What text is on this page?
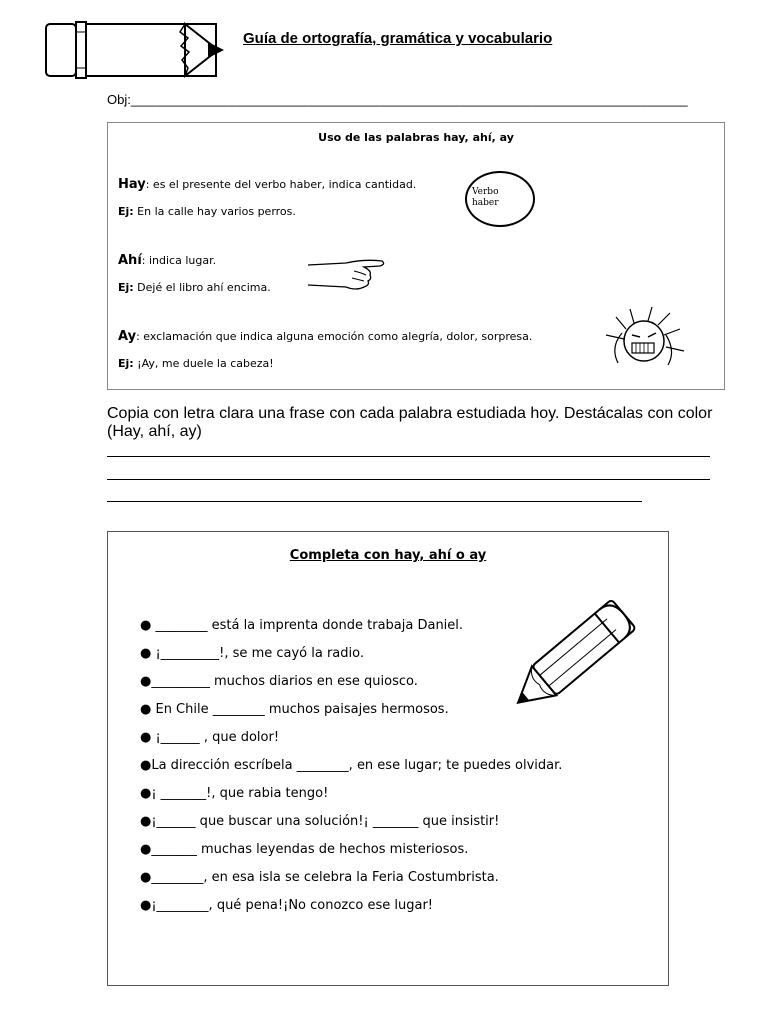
Guía de ortografía, gramática y vocabulario
Obj:_____________________________________________________________________________
Uso de las palabras hay, ahí, ay
Hay: es el presente del verbo haber, indica cantidad.
Ej: En la calle hay varios perros.
Verbo haber
Ahí: indica lugar.
Ej: Dejé el libro ahí encima.
Ay: exclamación que indica alguna emoción como alegría, dolor, sorpresa.
Ej: ¡Ay, me duele la cabeza!
Copia con letra clara una frase con cada palabra estudiada hoy. Destácalas con color (Hay, ahí, ay)
Completa con hay, ahí o ay
● ________ está la imprenta donde trabaja Daniel.
● ¡_________!, se me cayó la radio.
●_________ muchos diarios en ese quiosco.
● En Chile ________ muchos paisajes hermosos.
● ¡______ , que dolor!
●La dirección escríbela ________, en ese lugar; te puedes olvidar.
●¡ _______!, que rabia tengo!
●¡______ que buscar una solución!¡ _______ que insistir!
●_______ muchas leyendas de hechos misteriosos.
●________, en esa isla se celebra la Feria Costumbrista.
●¡________, qué pena!¡No conozco ese lugar!
